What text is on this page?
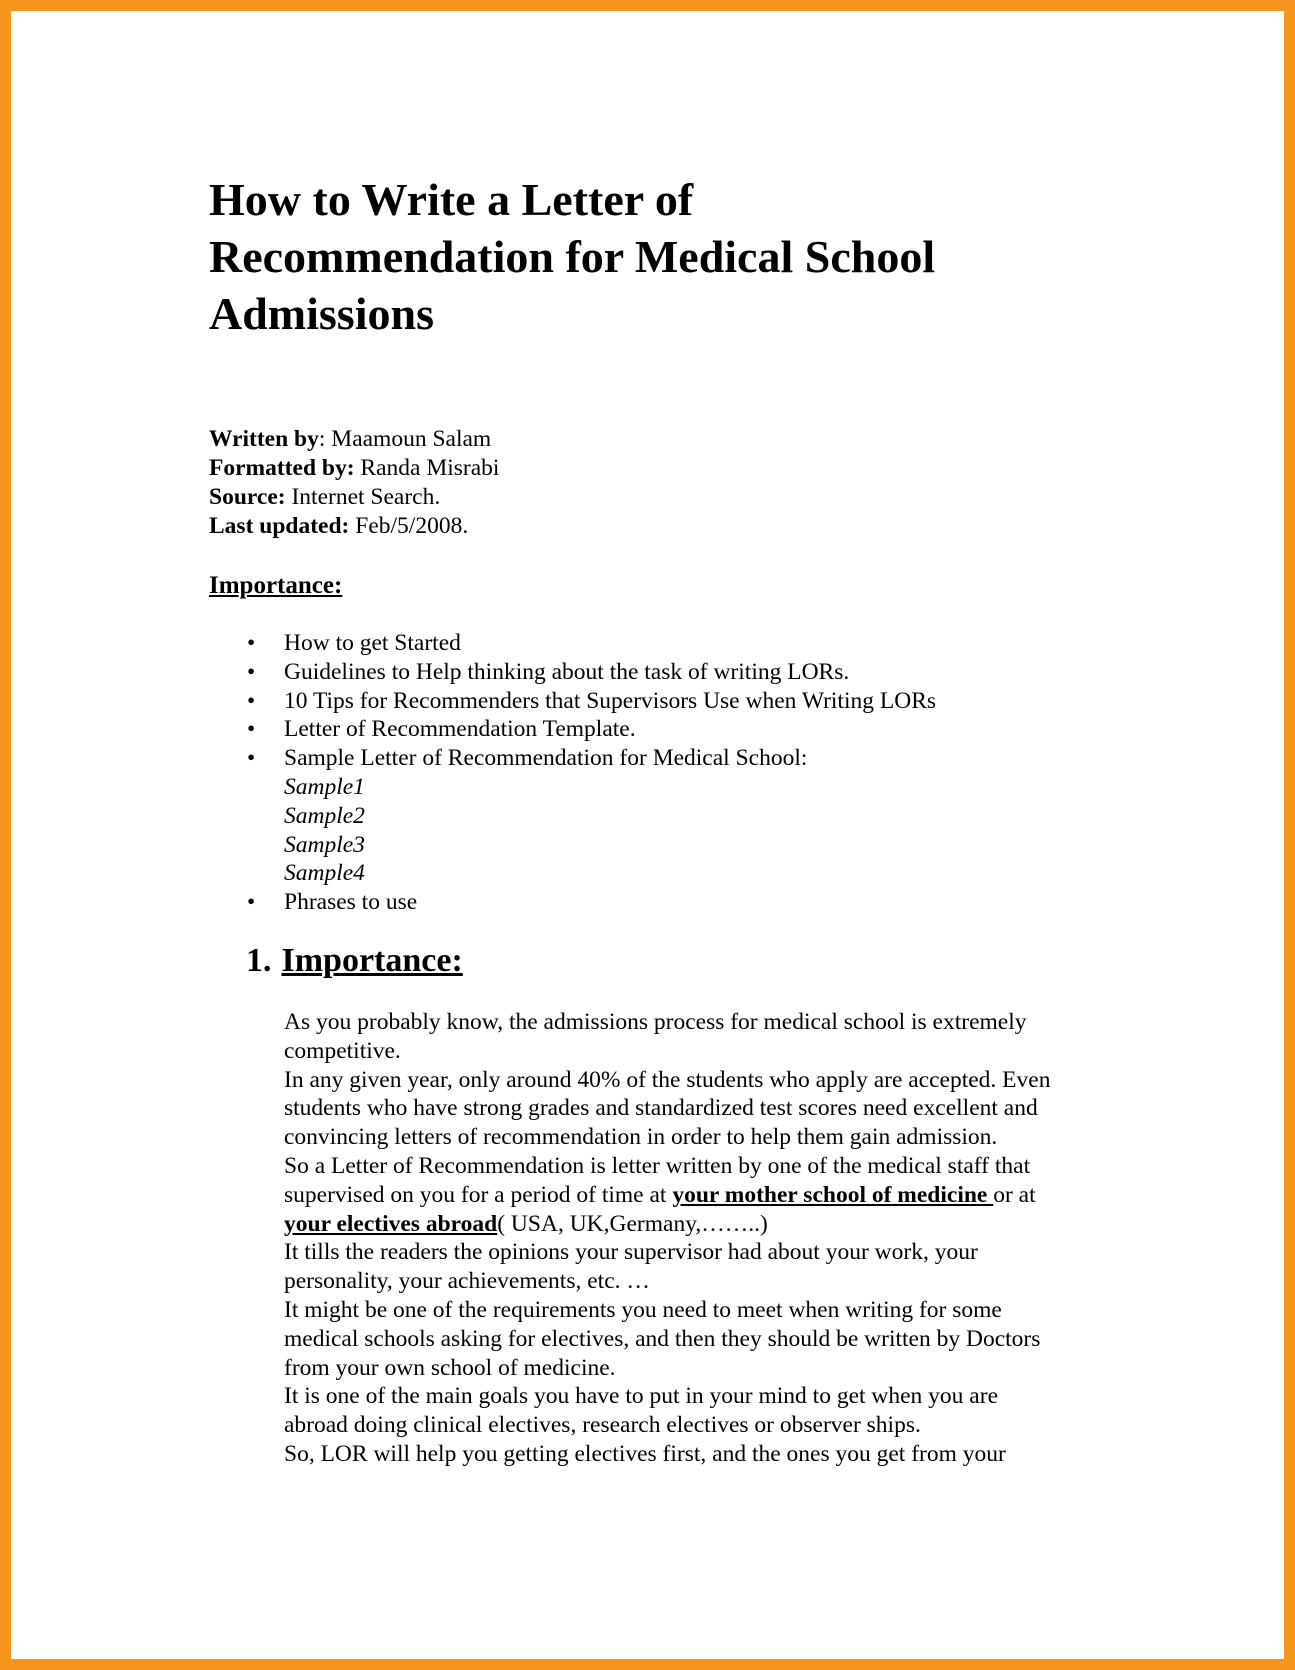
How to Write a Letter of
Recommendation for Medical School
Admissions
Written by: Maamoun Salam
Formatted by: Randa Misrabi
Source: Internet Search.
Last updated: Feb/5/2008.
Importance:
• How to get Started
• Guidelines to Help thinking about the task of writing LORs.
• 10 Tips for Recommenders that Supervisors Use when Writing LORs
• Letter of Recommendation Template.
• Sample Letter of Recommendation for Medical School:
Sample1
Sample2
Sample3
Sample4
• Phrases to use
1. Importance:
As you probably know, the admissions process for medical school is extremely
competitive.
In any given year, only around 40% of the students who apply are accepted. Even
students who have strong grades and standardized test scores need excellent and
convincing letters of recommendation in order to help them gain admission.
So a Letter of Recommendation is letter written by one of the medical staff that
supervised on you for a period of time at your mother school of medicine or at
your electives abroad( USA, UK,Germany,……..)
It tills the readers the opinions your supervisor had about your work, your
personality, your achievements, etc. …
It might be one of the requirements you need to meet when writing for some
medical schools asking for electives, and then they should be written by Doctors
from your own school of medicine.
It is one of the main goals you have to put in your mind to get when you are
abroad doing clinical electives, research electives or observer ships.
So, LOR will help you getting electives first, and the ones you get from your
